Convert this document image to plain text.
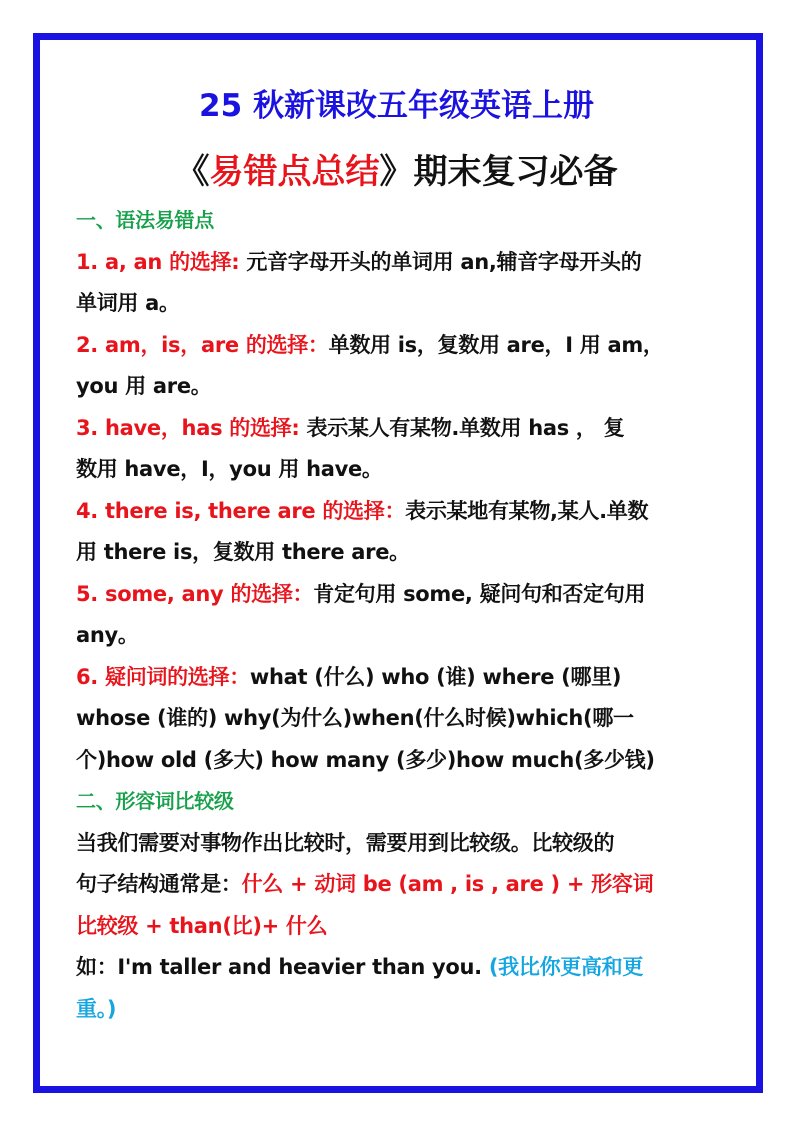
25 秋新课改五年级英语上册
《易错点总结》期末复习必备
一、语法易错点
1. a, an 的选择: 元音字母开头的单词用 an,辅音字母开头的
单词用 a。
2. am，is，are 的选择：单数用 is，复数用 are，I 用 am，
you 用 are。
3. have，has 的选择: 表示某人有某物.单数用 has ， 复
数用 have，I，you 用 have。
4. there is, there are 的选择：表示某地有某物,某人.单数
用 there is，复数用 there are。
5. some, any 的选择：肯定句用 some, 疑问句和否定句用
any。
6. 疑问词的选择：what (什么) who (谁) where (哪里)
whose (谁的) why(为什么)when(什么时候)which(哪一
个)how old (多大) how many (多少)how much(多少钱)
二、形容词比较级
当我们需要对事物作出比较时，需要用到比较级。比较级的
句子结构通常是：什么 + 动词 be (am , is , are ) + 形容词
比较级 + than(比)+ 什么
如：I'm taller and heavier than you. (我比你更高和更
重。)
